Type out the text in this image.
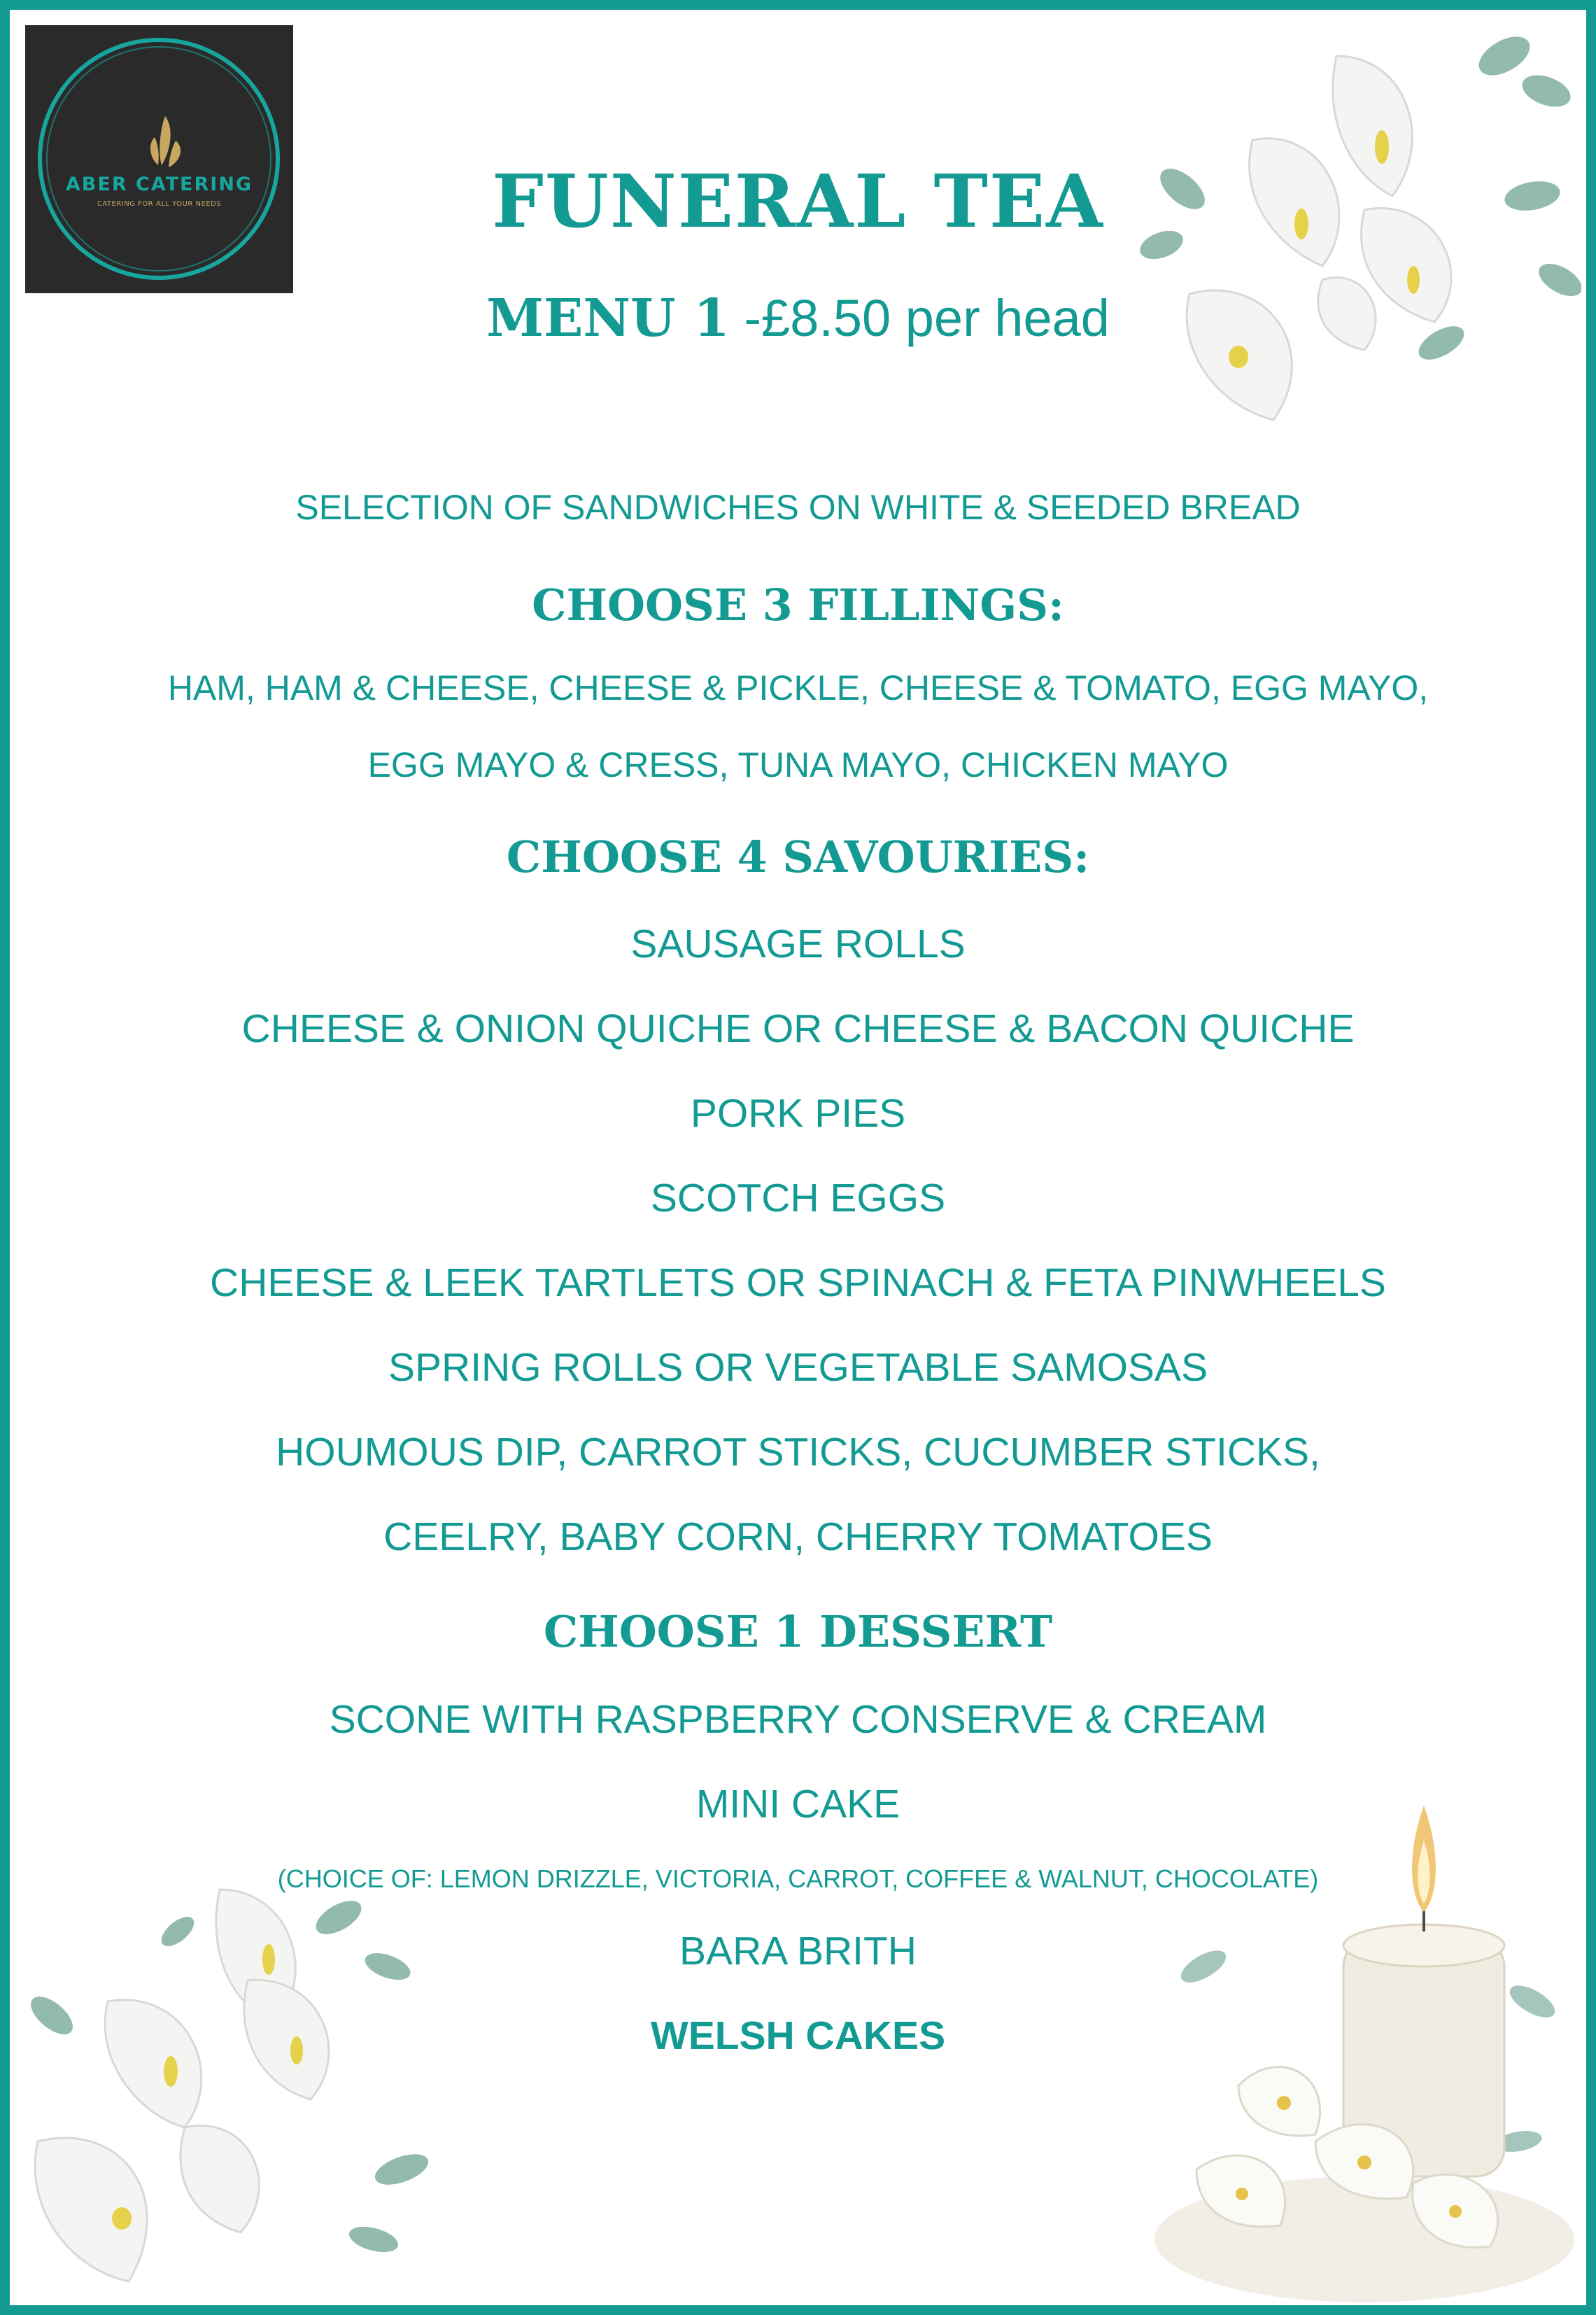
ABER CATERING
CATERING FOR ALL YOUR NEEDS	FUNERAL TEA
MENU 1 -£8.50 per head
SELECTION OF SANDWICHES ON WHITE & SEEDED BREAD
CHOOSE 3 FILLINGS:
HAM, HAM & CHEESE, CHEESE & PICKLE, CHEESE & TOMATO, EGG MAYO,
EGG MAYO & CRESS, TUNA MAYO, CHICKEN MAYO
CHOOSE 4 SAVOURIES:
SAUSAGE ROLLS
CHEESE & ONION QUICHE OR CHEESE & BACON QUICHE
PORK PIES
SCOTCH EGGS
CHEESE & LEEK TARTLETS OR SPINACH & FETA PINWHEELS
SPRING ROLLS OR VEGETABLE SAMOSAS
HOUMOUS DIP, CARROT STICKS, CUCUMBER STICKS,
CEELRY, BABY CORN, CHERRY TOMATOES
CHOOSE 1 DESSERT
SCONE WITH RASPBERRY CONSERVE & CREAM
MINI CAKE
(CHOICE OF: LEMON DRIZZLE, VICTORIA, CARROT, COFFEE & WALNUT, CHOCOLATE)
BARA BRITH
WELSH CAKES
